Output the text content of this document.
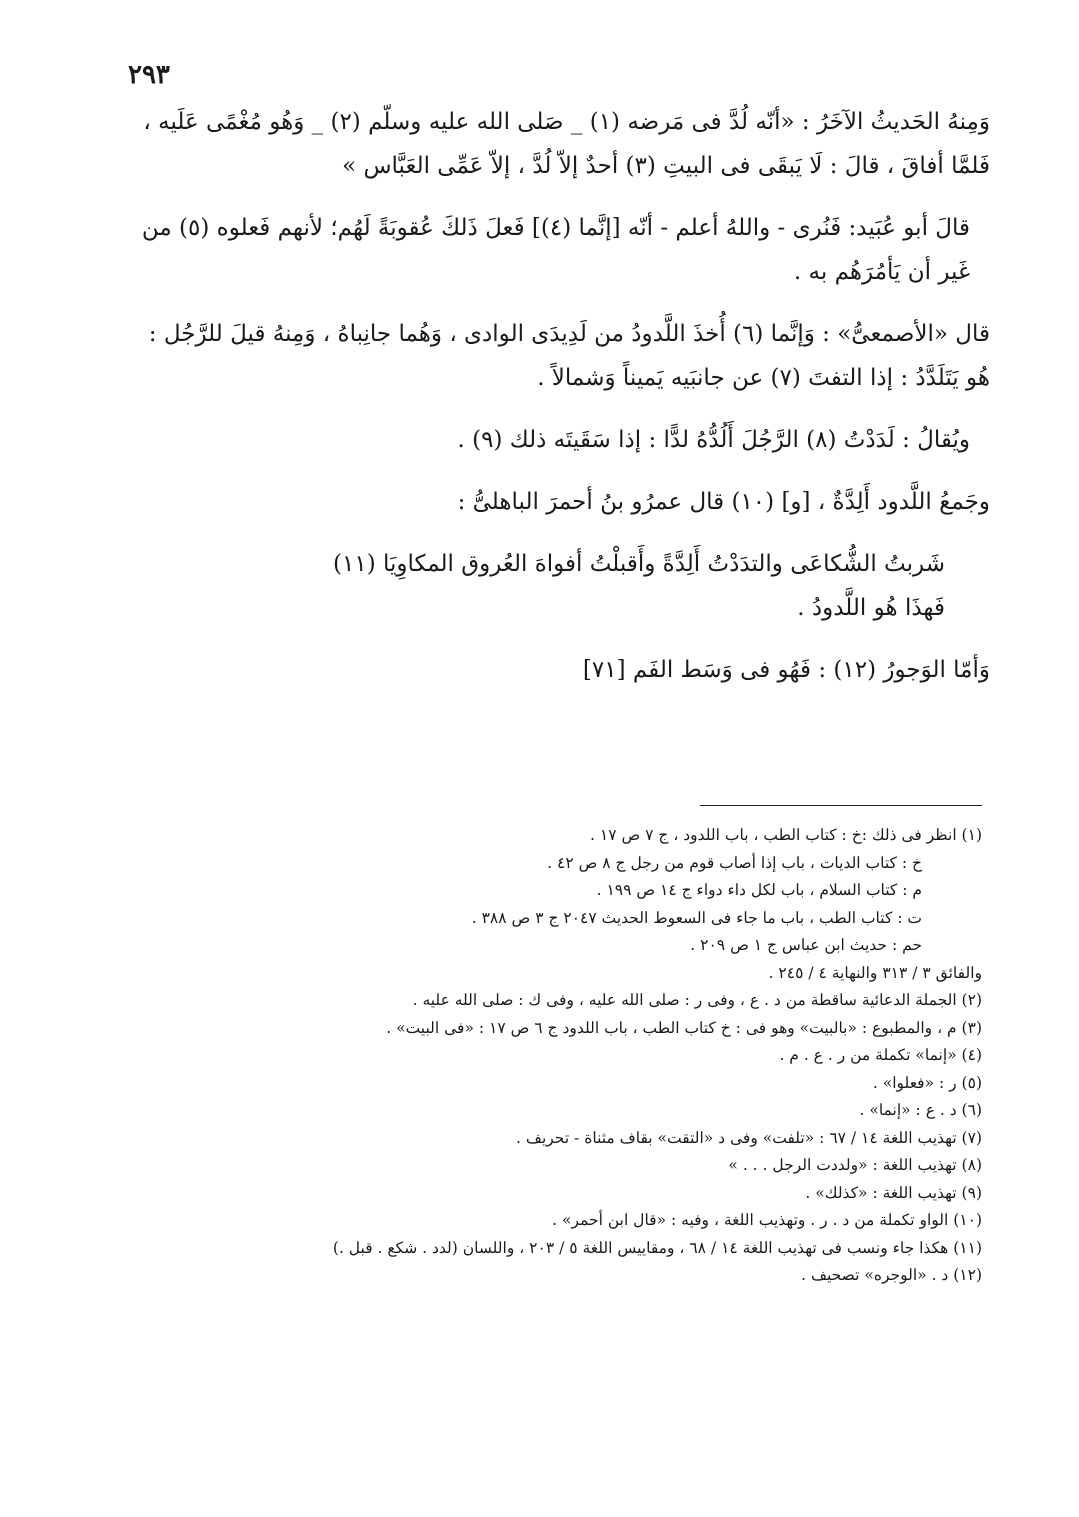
٢٩٣

وَمِنهُ الحَديثُ الآخَرُ : «أنّه لُدَّ فى مَرضه (١) _ صَلى الله عليه وسلّم (٢) _ وَهُو مُغْمًى عَلَيه ، فَلمَّا أفاقَ ، قالَ : لَا يَبقَى فى البيتِ (٣) أحدٌ إلاّ لُدَّ ، إلاّ عَمِّى العَبَّاس »

قالَ أبو عُبَيد: فَنُرى - واللهُ أعلم - أنّه [إنَّما (٤)] فَعلَ ذَلكَ عُقوبَةً لَهُم؛ لأنهم فَعلوه (٥) من غَير أن يَأمُرَهُم به .

قال «الأصمعىُّ» : وَإنَّما (٦) أُخذَ اللَّدودُ من لَدِيدَى الوادى ، وَهُما جانِباهُ ، وَمِنهُ قيلَ للرَّجُل : هُو يَتَلَدَّدُ : إذا التفتَ (٧) عن جانبَيه يَميناً وَشمالاً .

ويُقالُ : لَدَدْتُ (٨) الرَّجُلَ أَلُدُّهُ لدًّا : إذا سَقَيتَه ذلك (٩) .

وجَمعُ اللَّدود أَلِدَّةٌ ، [و] (١٠) قال عمرُو بنُ أحمرَ الباهلىُّ :

شَربتُ الشُّكاعَى والتدَدْتُ أَلِدَّةً وأَقبلْتُ أفواهَ العُروق المكاوِيَا (١١)

فَهذَا هُو اللَّدودُ .

وَأمّا الوَجورُ (١٢) : فَهُو فى وَسَط الفَم [٧١]

(١) انظر فى ذلك :خ : كتاب الطب ، باب اللدود ، ج ٧ ص ١٧ .
خ : كتاب الديات ، باب إذا أصاب قوم من رجل ج ٨ ص ٤٢ .
م : كتاب السلام ، باب لكل داء دواء ج ١٤ ص ١٩٩ .
ت : كتاب الطب ، باب ما جاء فى السعوط الحديث ٢٠٤٧ ج ٣ ص ٣٨٨ .
حم : حديث ابن عباس ج ١ ص ٢٠٩ .
والفائق ٣ / ٣١٣ والنهاية ٤ / ٢٤٥ .
(٢) الجملة الدعائية ساقطة من د . ع ، وفى ر : صلى الله عليه ، وفى ك : صلى الله عليه .
(٣) م ، والمطبوع : «بالبيت» وهو فى : خ كتاب الطب ، باب اللدود ج ٦ ص ١٧ : «فى البيت» .
(٤) «إنما» تكملة من ر . ع . م .
(٥) ر : «فعلوا» .
(٦) د . ع : «إنما» .
(٧) تهذيب اللغة ١٤ / ٦٧ : «تلفت» وفى د «التقت» بقاف مثناة - تحريف .
(٨) تهذيب اللغة : «ولددت الرجل . . . »
(٩) تهذيب اللغة : «كذلك» .
(١٠) الواو تكملة من د . ر . وتهذيب اللغة ، وفيه : «قال ابن أحمر» .
(١١) هكذا جاء ونسب فى تهذيب اللغة ١٤ / ٦٨ ، ومقاييس اللغة ٥ / ٢٠٣ ، واللسان (لدد . شكع . قبل .)
(١٢) د . «الوجره» تصحيف .
